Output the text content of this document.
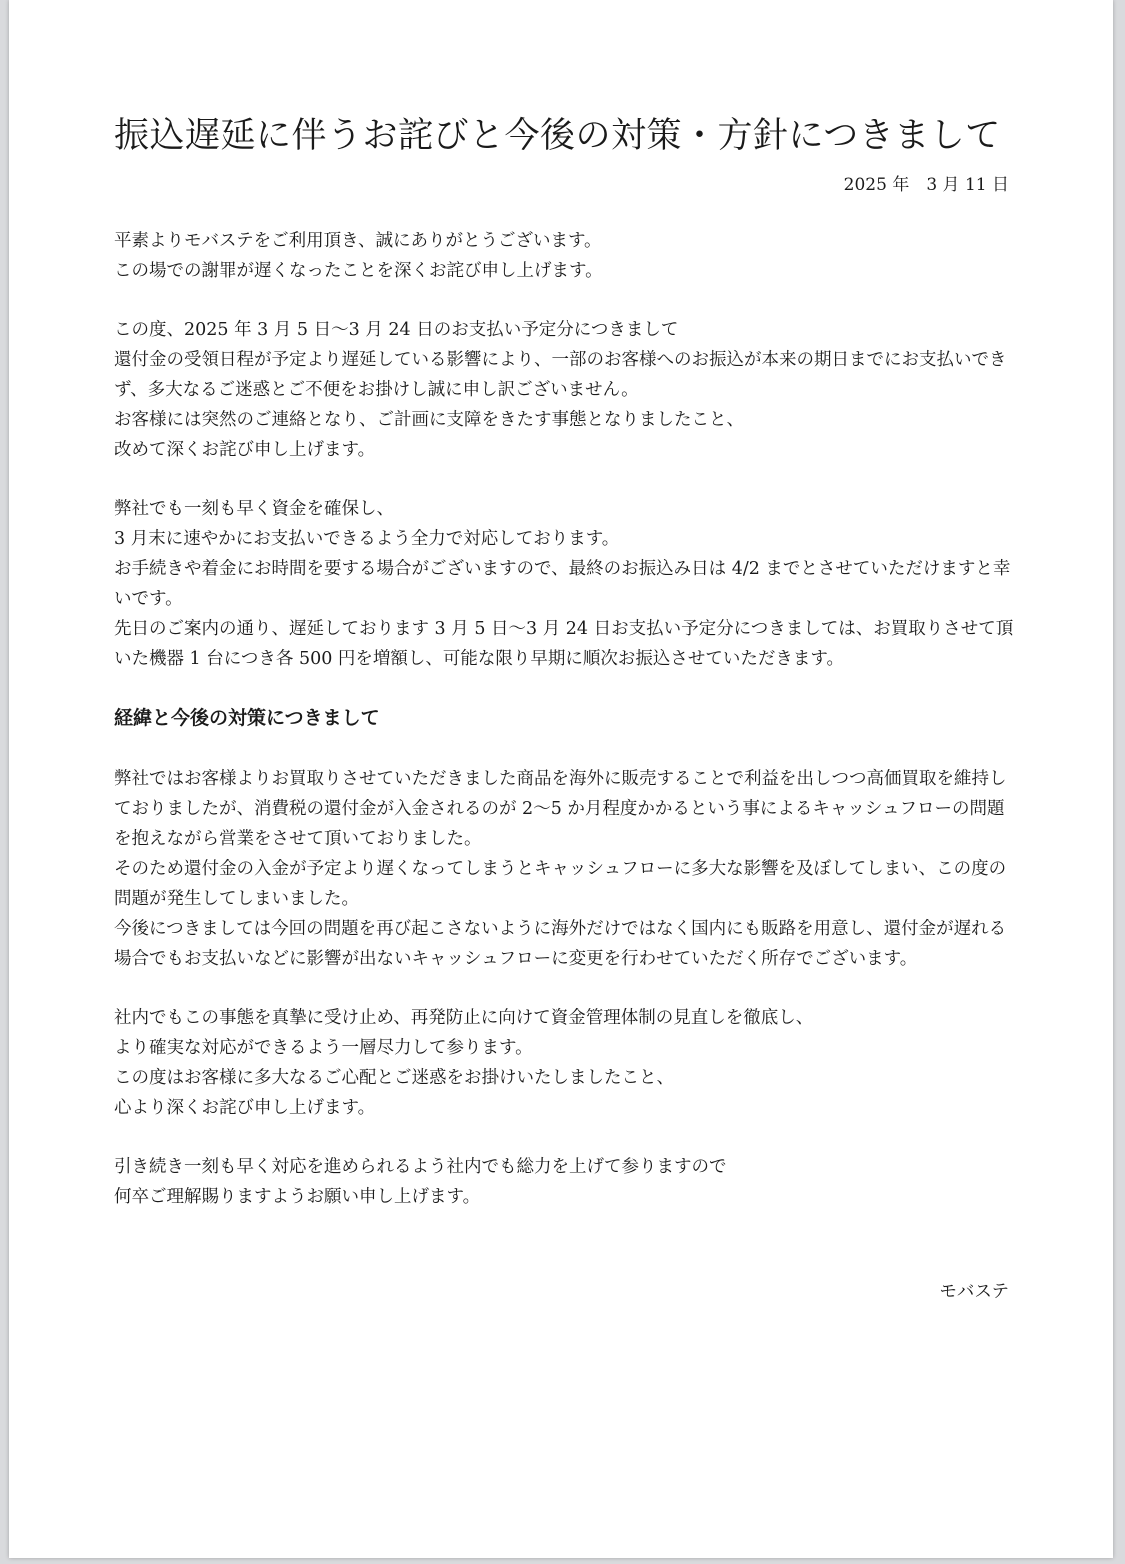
振込遅延に伴うお詫びと今後の対策・方針につきまして
2025 年　3 月 11 日

平素よりモバステをご利用頂き、誠にありがとうございます。
この場での謝罪が遅くなったことを深くお詫び申し上げます。

この度、2025 年 3 月 5 日〜3 月 24 日のお支払い予定分につきまして
還付金の受領日程が予定より遅延している影響により、一部のお客様へのお振込が本来の期日までにお支払いできず、多大なるご迷惑とご不便をお掛けし誠に申し訳ございません。
お客様には突然のご連絡となり、ご計画に支障をきたす事態となりましたこと、
改めて深くお詫び申し上げます。

弊社でも一刻も早く資金を確保し、
3 月末に速やかにお支払いできるよう全力で対応しております。
お手続きや着金にお時間を要する場合がございますので、最終のお振込み日は 4/2 までとさせていただけますと幸いです。
先日のご案内の通り、遅延しております 3 月 5 日〜3 月 24 日お支払い予定分につきましては、お買取りさせて頂いた機器 1 台につき各 500 円を増額し、可能な限り早期に順次お振込させていただきます。

経緯と今後の対策につきまして

弊社ではお客様よりお買取りさせていただきました商品を海外に販売することで利益を出しつつ高価買取を維持しておりましたが、消費税の還付金が入金されるのが 2〜5 か月程度かかるという事によるキャッシュフローの問題を抱えながら営業をさせて頂いておりました。
そのため還付金の入金が予定より遅くなってしまうとキャッシュフローに多大な影響を及ぼしてしまい、この度の問題が発生してしまいました。
今後につきましては今回の問題を再び起こさないように海外だけではなく国内にも販路を用意し、還付金が遅れる場合でもお支払いなどに影響が出ないキャッシュフローに変更を行わせていただく所存でございます。

社内でもこの事態を真摯に受け止め、再発防止に向けて資金管理体制の見直しを徹底し、
より確実な対応ができるよう一層尽力して参ります。
この度はお客様に多大なるご心配とご迷惑をお掛けいたしましたこと、
心より深くお詫び申し上げます。

引き続き一刻も早く対応を進められるよう社内でも総力を上げて参りますので
何卒ご理解賜りますようお願い申し上げます。

モバステ
